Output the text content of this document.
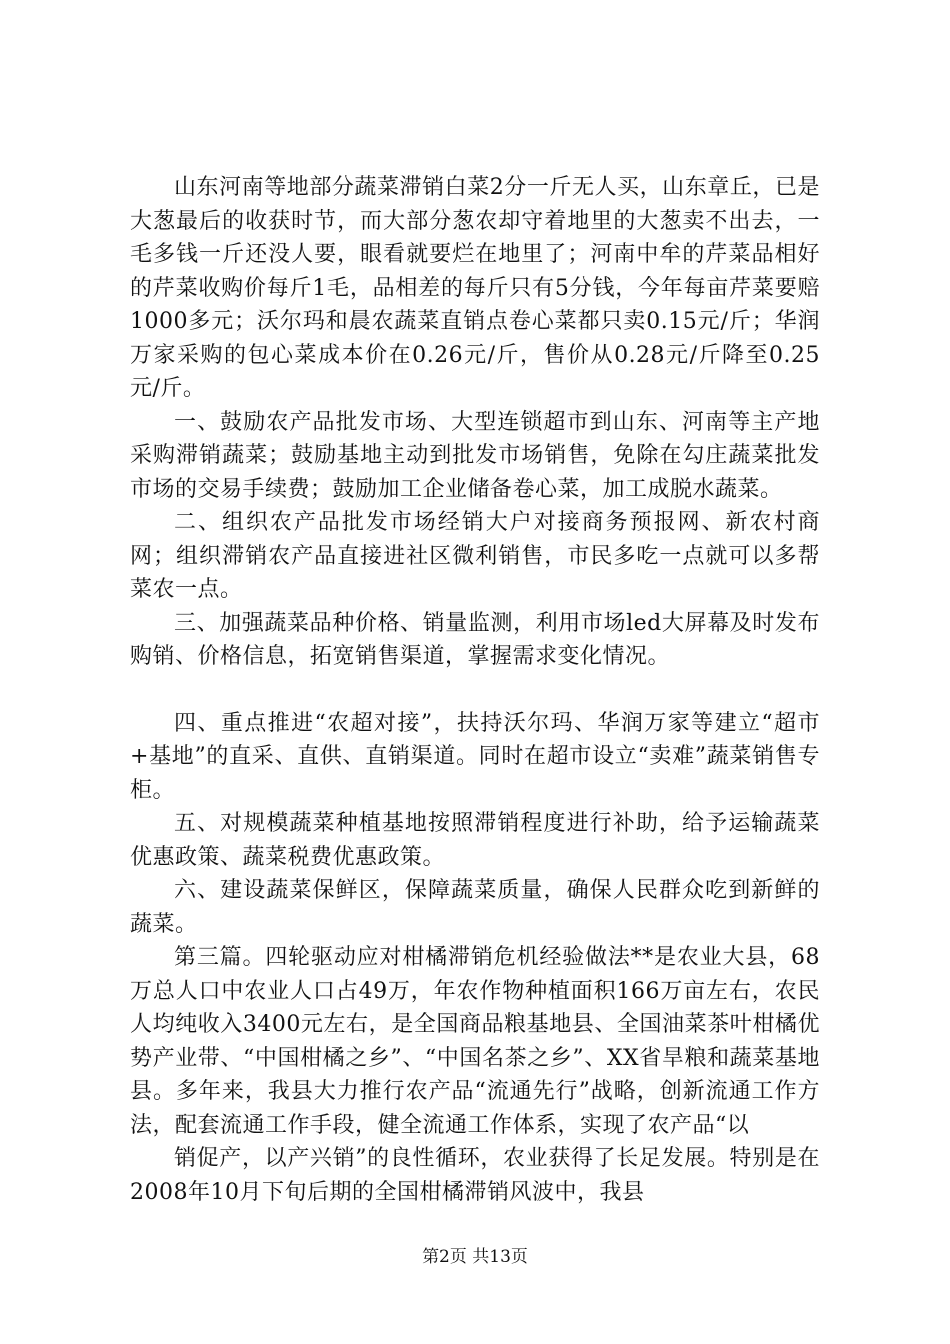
山东河南等地部分蔬菜滞销白菜2分一斤无人买，山东章丘，已是大葱最后的收获时节，而大部分葱农却守着地里的大葱卖不出去，一毛多钱一斤还没人要，眼看就要烂在地里了；河南中牟的芹菜品相好的芹菜收购价每斤1毛，品相差的每斤只有5分钱，今年每亩芹菜要赔1000多元；沃尔玛和晨农蔬菜直销点卷心菜都只卖0.15元/斤；华润万家采购的包心菜成本价在0.26元/斤，售价从0.28元/斤降至0.25元/斤。

一、鼓励农产品批发市场、大型连锁超市到山东、河南等主产地采购滞销蔬菜；鼓励基地主动到批发市场销售，免除在勾庄蔬菜批发市场的交易手续费；鼓励加工企业储备卷心菜，加工成脱水蔬菜。

二、组织农产品批发市场经销大户对接商务预报网、新农村商网；组织滞销农产品直接进社区微利销售，市民多吃一点就可以多帮菜农一点。

三、加强蔬菜品种价格、销量监测，利用市场led大屏幕及时发布购销、价格信息，拓宽销售渠道，掌握需求变化情况。

四、重点推进“农超对接”，扶持沃尔玛、华润万家等建立“超市+基地”的直采、直供、直销渠道。同时在超市设立“卖难”蔬菜销售专柜。

五、对规模蔬菜种植基地按照滞销程度进行补助，给予运输蔬菜优惠政策、蔬菜税费优惠政策。

六、建设蔬菜保鲜区，保障蔬菜质量，确保人民群众吃到新鲜的蔬菜。

第三篇。四轮驱动应对柑橘滞销危机经验做法**是农业大县，68万总人口中农业人口占49万，年农作物种植面积166万亩左右，农民人均纯收入3400元左右，是全国商品粮基地县、全国油菜茶叶柑橘优势产业带、“中国柑橘之乡”、“中国名茶之乡”、XX省旱粮和蔬菜基地县。多年来，我县大力推行农产品“流通先行”战略，创新流通工作方法，配套流通工作手段，健全流通工作体系，实现了农产品“以

销促产，以产兴销”的良性循环，农业获得了长足发展。特别是在2008年10月下旬后期的全国柑橘滞销风波中，我县

第2页 共13页
